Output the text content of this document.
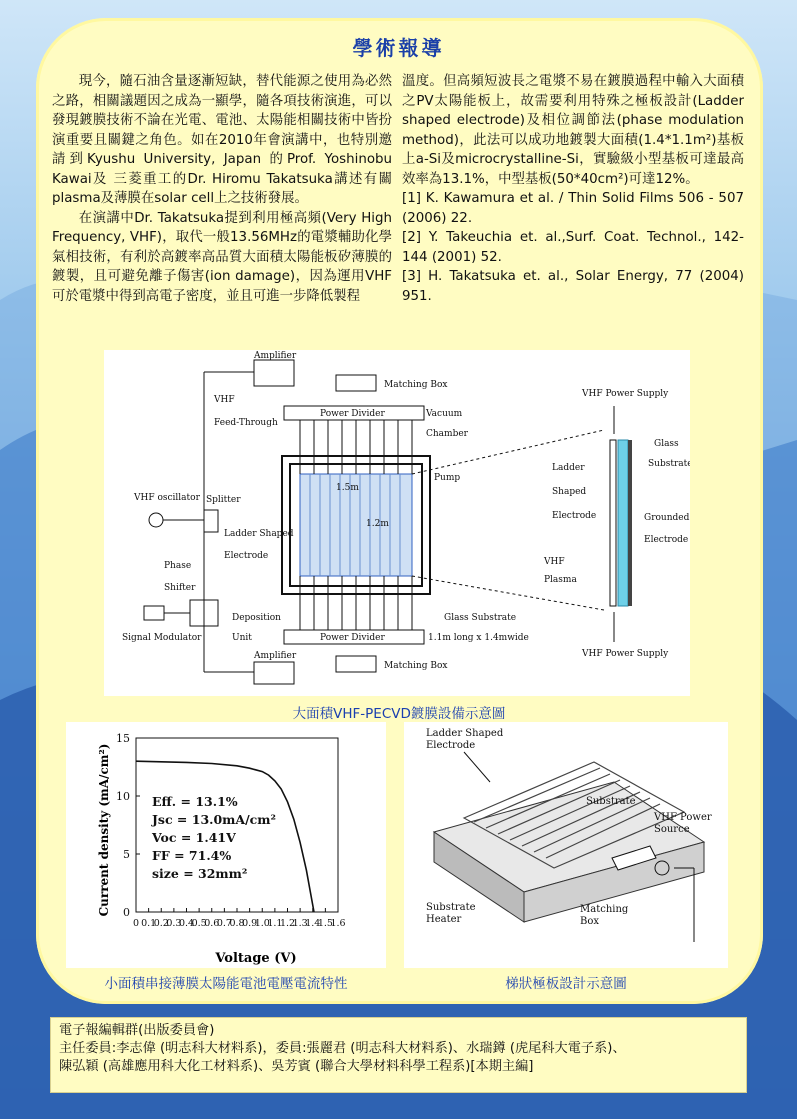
學術報導

現今，隨石油含量逐漸短缺，替代能源之使用為必然之路，相關議題因之成為一顯學，隨各項技術演進，可以發現鍍膜技術不論在光電、電池、太陽能相關技術中皆扮演重要且關鍵之角色。如在2010年會演講中，也特別邀請到Kyushu University, Japan 的Prof. Yoshinobu Kawai及 三菱重工的Dr. Hiromu Takatsuka講述有關plasma及薄膜在solar cell上之技術發展。

在演講中Dr. Takatsuka提到利用極高頻(Very High Frequency, VHF)，取代一般13.56MHz的電漿輔助化學氣相技術，有利於高鍍率高品質大面積太陽能板矽薄膜的鍍製，且可避免離子傷害(ion damage)，因為運用VHF可於電漿中得到高電子密度，並且可進一步降低製程

溫度。但高頻短波長之電漿不易在鍍膜過程中輸入大面積之PV太陽能板上，故需要利用特殊之極板設計(Ladder shaped electrode)及相位調節法(phase modulation method)，此法可以成功地鍍製大面積(1.4*1.1m²)基板上a-Si及microcrystalline-Si，實驗級小型基板可達最高效率為13.1%，中型基板(50*40cm²)可達12%。

[1] K. Kawamura et al. / Thin Solid Films 506 - 507 (2006) 22.

[2] Y. Takeuchia et. al.,Surf. Coat. Technol., 142-144 (2001) 52.

[3] H. Takatsuka et. al., Solar Energy, 77 (2004) 951.

Amplifier
Matching Box
VHF
Feed-Through
Power Divider	Vacuum
Chamber
1.5m
1.2m
Pump
VHF oscillator Splitter
Ladder Shaped
Electrode
Phase
Shifter
Deposition
Unit
Glass Substrate
1.1m long x 1.4mwide
Signal Modulator	Power Divider
Amplifier
Matching Box
VHF Power Supply
Glass
Substrate
Ladder
Shaped
Electrode	Grounded
Electrode
VHF
Plasma
VHF Power Supply
大面積VHF-PECVD鍍膜設備示意圖
0 0.1
0.2
0.3
0.4
0.5
0.6
0.7
0.8
0.9
1.0
1.1
1.2
1.3
1.4
1.5
1.6
0
5
10
15
Voltage (V)
Current density (mA/cm²)	Eff. = 13.1%
Jsc = 13.0mA/cm²
Voc = 1.41V
FF = 71.4%
size = 32mm²
小面積串接薄膜太陽能電池電壓電流特性
Ladder Shaped
Electrode
Substrate
VHF Power
Source
Substrate
Heater
Matching
Box
梯狀極板設計示意圖
電子報編輯群(出版委員會)
主任委員:李志偉 (明志科大材料系)，委員:張麗君 (明志科大材料系)、水瑞鐏 (虎尾科大電子系)、
陳弘穎 (高雄應用科大化工材料系)、吳芳賓 (聯合大學材料科學工程系)[本期主編]
